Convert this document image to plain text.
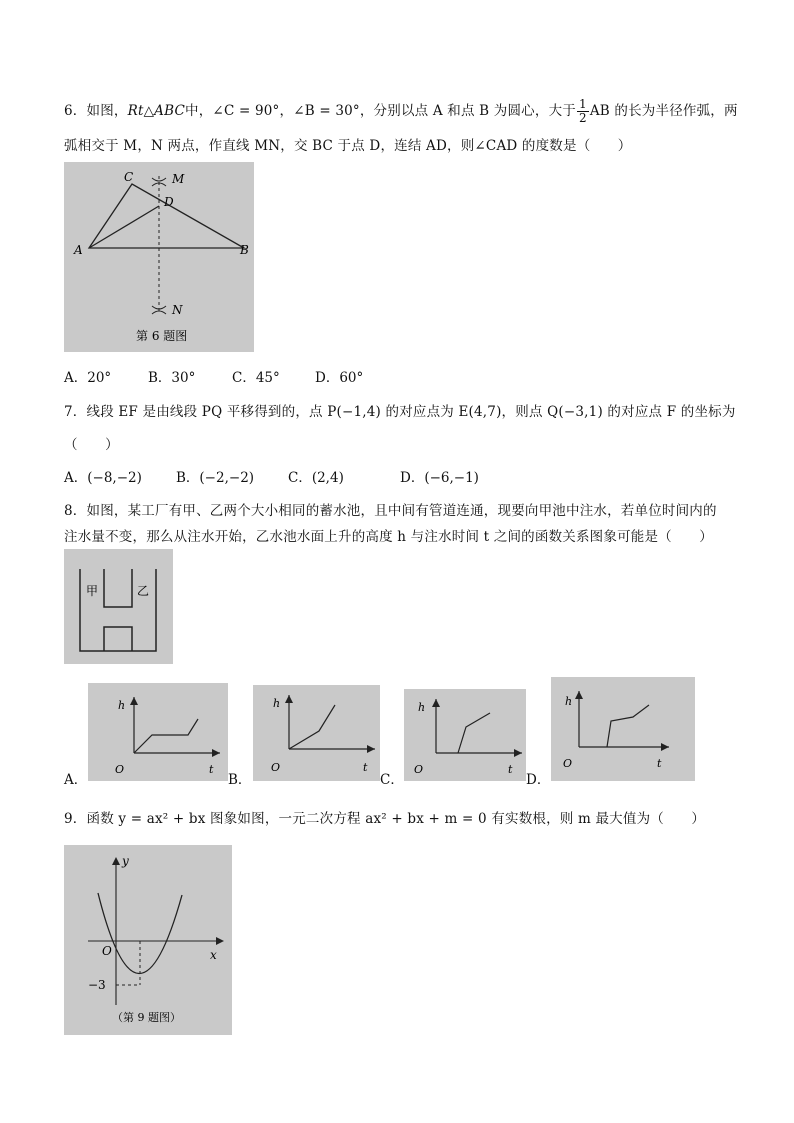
6．如图，Rt△ABC中，∠C = 90°，∠B = 30°，分别以点 A 和点 B 为圆心，大于 $\frac{1}{2}$ AB 的长为半径作弧，两
弧相交于 M，N 两点，作直线 MN，交 BC 于点 D，连结 AD，则∠CAD 的度数是（　　）
C	M
D
A	B
N
第 6 题图
A．20°	B．30°	C．45°	D．60°
7．线段 EF 是由线段 PQ 平移得到的，点 P(−1,4) 的对应点为 E(4,7)，则点 Q(−3,1) 的对应点 F 的坐标为
（　　）
A．(−8,−2)	B．(−2,−2)	C．(2,4)	D．(−6,−1)
8．如图，某工厂有甲、乙两个大小相同的蓄水池，且中间有管道连通，现要向甲池中注水，若单位时间内的
注水量不变，那么从注水开始，乙水池水面上升的高度 h 与注水时间 t 之间的函数关系图象可能是（　　）
甲	乙
A．
h
O	t
B．
h
O	t
C．
h
O	t
D．
h
O	t
9．函数 y = ax² + bx 图象如图，一元二次方程 ax² + bx + m = 0 有实数根，则 m 最大值为（　　）
y
x
O
−3
（第 9 题图）
